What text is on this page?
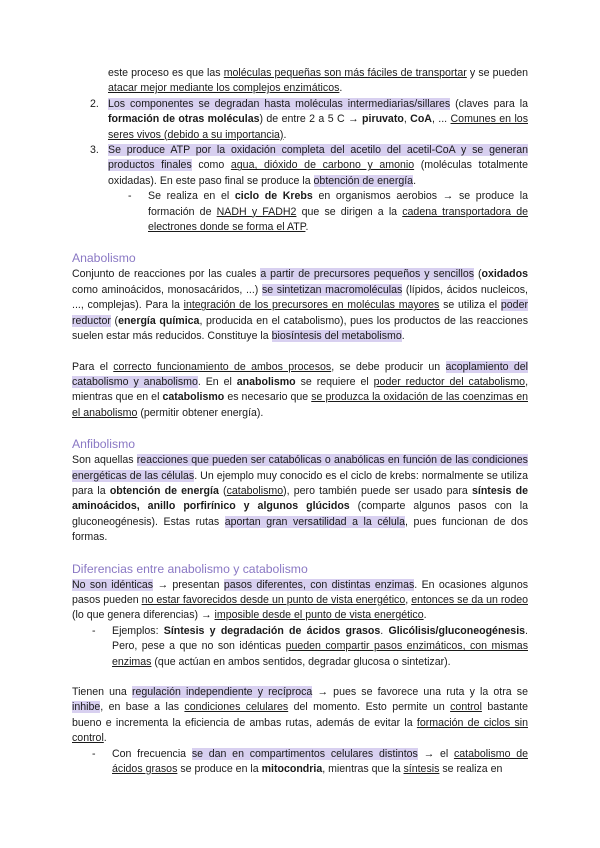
este proceso es que las moléculas pequeñas son más fáciles de transportar y se pueden atacar mejor mediante los complejos enzimáticos.

2. Los componentes se degradan hasta moléculas intermediarias/sillares (claves para la formación de otras moléculas) de entre 2 a 5 C → piruvato, CoA, ... Comunes en los seres vivos (debido a su importancia).
3. Se produce ATP por la oxidación completa del acetilo del acetil-CoA y se generan productos finales como agua, dióxido de carbono y amonio (moléculas totalmente oxidadas). En este paso final se produce la obtención de energía.
- Se realiza en el ciclo de Krebs en organismos aerobios → se produce la formación de NADH y FADH2 que se dirigen a la cadena transportadora de electrones donde se forma el ATP.
Anabolismo

Conjunto de reacciones por las cuales a partir de precursores pequeños y sencillos (oxidados como aminoácidos, monosacáridos, ...) se sintetizan macromoléculas (lípidos, ácidos nucleicos, ..., complejas). Para la integración de los precursores en moléculas mayores se utiliza el poder reductor (energía química, producida en el catabolismo), pues los productos de las reacciones suelen estar más reducidos. Constituye la biosíntesis del metabolismo.

Para el correcto funcionamiento de ambos procesos, se debe producir un acoplamiento del catabolismo y anabolismo. En el anabolismo se requiere el poder reductor del catabolismo, mientras que en el catabolismo es necesario que se produzca la oxidación de las coenzimas en el anabolismo (permitir obtener energía).

Anfibolismo

Son aquellas reacciones que pueden ser catabólicas o anabólicas en función de las condiciones energéticas de las células. Un ejemplo muy conocido es el ciclo de krebs: normalmente se utiliza para la obtención de energía (catabolismo), pero también puede ser usado para síntesis de aminoácidos, anillo porfirínico y algunos glúcidos (comparte algunos pasos con la gluconeogénesis). Estas rutas aportan gran versatilidad a la célula, pues funcionan de dos formas.

Diferencias entre anabolismo y catabolismo

No son idénticas → presentan pasos diferentes, con distintas enzimas. En ocasiones algunos pasos pueden no estar favorecidos desde un punto de vista energético, entonces se da un rodeo (lo que genera diferencias) → imposible desde el punto de vista energético.

- Ejemplos: Síntesis y degradación de ácidos grasos. Glicólisis/gluconeogénesis. Pero, pese a que no son idénticas pueden compartir pasos enzimáticos, con mismas enzimas (que actúan en ambos sentidos, degradar glucosa o sintetizar).

Tienen una regulación independiente y recíproca → pues se favorece una ruta y la otra se inhibe, en base a las condiciones celulares del momento. Esto permite un control bastante bueno e incrementa la eficiencia de ambas rutas, además de evitar la formación de ciclos sin control.

- Con frecuencia se dan en compartimentos celulares distintos → el catabolismo de ácidos grasos se produce en la mitocondria, mientras que la síntesis se realiza en
